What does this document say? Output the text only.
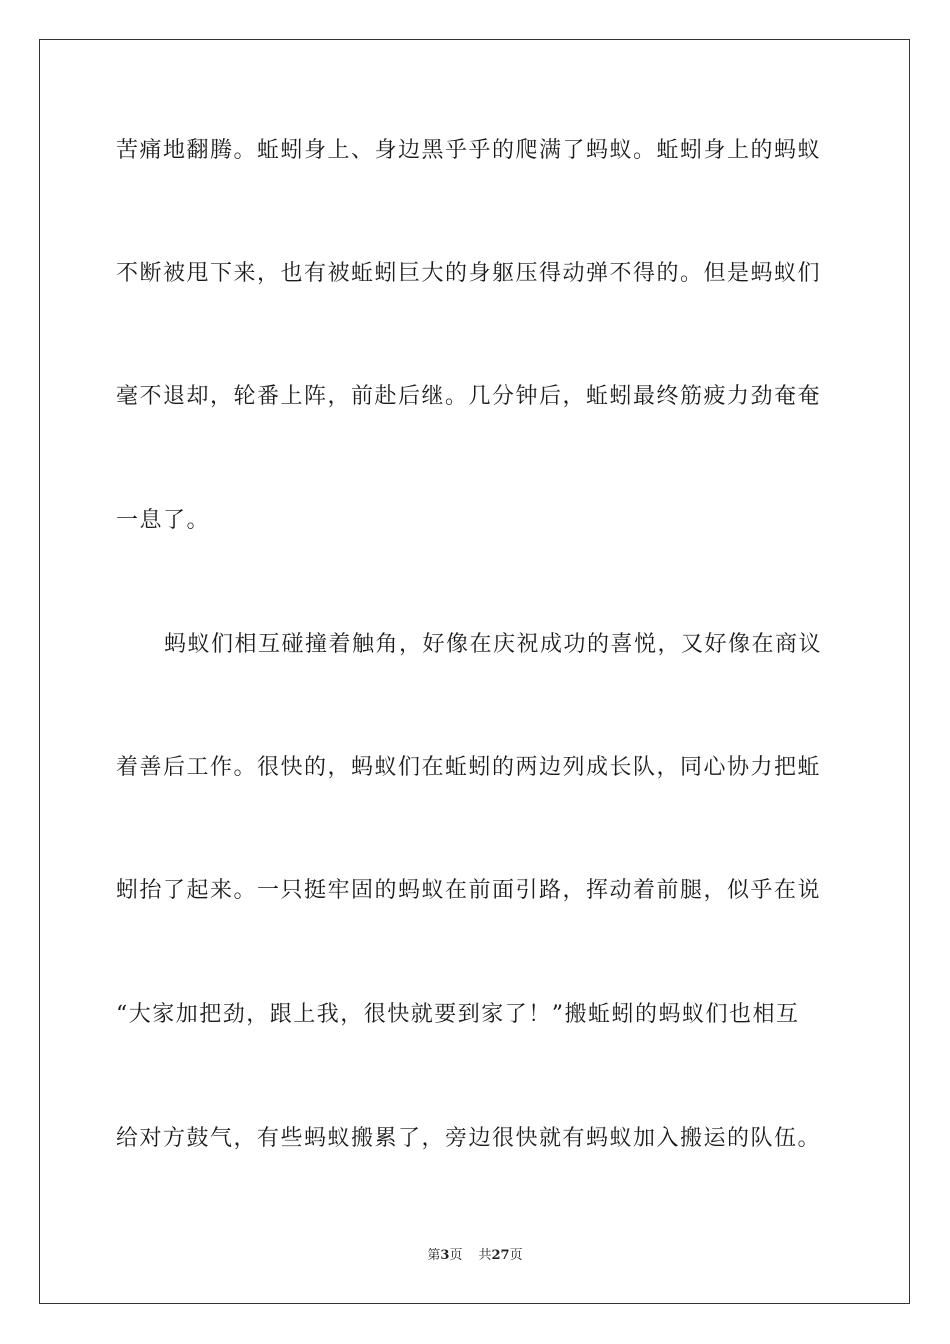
苦痛地翻腾。蚯蚓身上、身边黑乎乎的爬满了蚂蚁。蚯蚓身上的蚂蚁
不断被甩下来，也有被蚯蚓巨大的身躯压得动弹不得的。但是蚂蚁们
毫不退却，轮番上阵，前赴后继。几分钟后，蚯蚓最终筋疲力劲奄奄
一息了。
蚂蚁们相互碰撞着触角，好像在庆祝成功的喜悦，又好像在商议
着善后工作。很快的，蚂蚁们在蚯蚓的两边列成长队，同心协力把蚯
蚓抬了起来。一只挺牢固的蚂蚁在前面引路，挥动着前腿，似乎在说
“大家加把劲，跟上我，很快就要到家了！”搬蚯蚓的蚂蚁们也相互
给对方鼓气，有些蚂蚁搬累了，旁边很快就有蚂蚁加入搬运的队伍。
第3页 共27页
